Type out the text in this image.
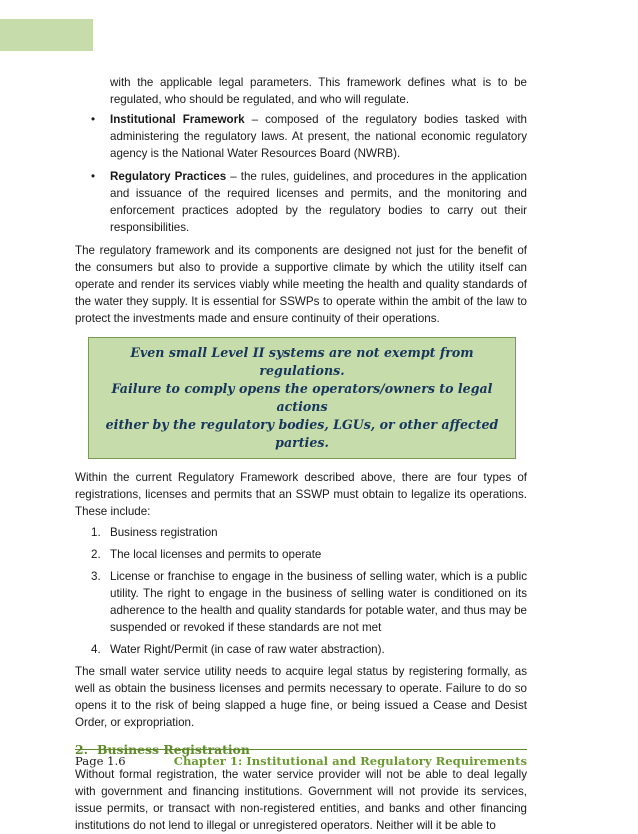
with the applicable legal parameters. This framework defines what is to be regulated, who should be regulated, and who will regulate.

• Institutional Framework – composed of the regulatory bodies tasked with administering the regulatory laws. At present, the national economic regulatory agency is the National Water Resources Board (NWRB).
• Regulatory Practices – the rules, guidelines, and procedures in the application and issuance of the required licenses and permits, and the monitoring and enforcement practices adopted by the regulatory bodies to carry out their responsibilities.

The regulatory framework and its components are designed not just for the benefit of the consumers but also to provide a supportive climate by which the utility itself can operate and render its services viably while meeting the health and quality standards of the water they supply. It is essential for SSWPs to operate within the ambit of the law to protect the investments made and ensure continuity of their operations.

Even small Level II systems are not exempt from regulations.
Failure to comply opens the operators/owners to legal actions
either by the regulatory bodies, LGUs, or other affected parties.

Within the current Regulatory Framework described above, there are four types of registrations, licenses and permits that an SSWP must obtain to legalize its operations. These include:

1. Business registration
2. The local licenses and permits to operate
3. License or franchise to engage in the business of selling water, which is a public utility. The right to engage in the business of selling water is conditioned on its adherence to the health and quality standards for potable water, and thus may be suspended or revoked if these standards are not met
4. Water Right/Permit (in case of raw water abstraction).

The small water service utility needs to acquire legal status by registering formally, as well as obtain the business licenses and permits necessary to operate. Failure to do so opens it to the risk of being slapped a huge fine, or being issued a Cease and Desist Order, or expropriation.

2. Business Registration

Without formal registration, the water service provider will not be able to deal legally with government and financing institutions. Government will not provide its services, issue permits, or transact with non-registered entities, and banks and other financing institutions do not lend to illegal or unregistered operators. Neither will it be able to

Page 1.6	Chapter 1: Institutional and Regulatory Requirements
